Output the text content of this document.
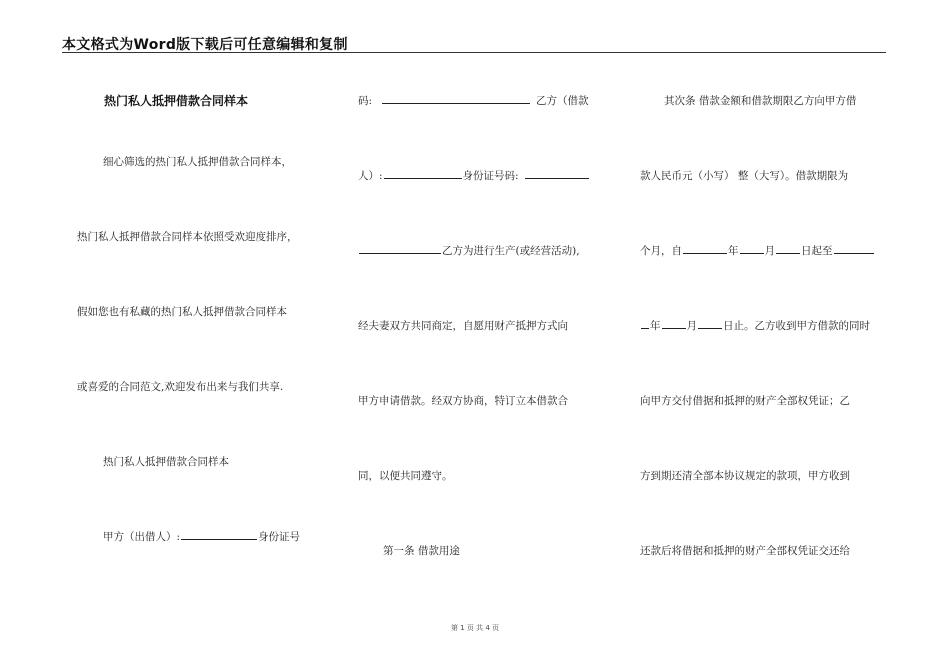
本文格式为Word版下载后可任意编辑和复制
热门私人抵押借款合同样本
细心筛选的热门私人抵押借款合同样本，
热门私人抵押借款合同样本依照受欢迎度排序，
假如您也有私藏的热门私人抵押借款合同样本
或喜爱的合同范文,欢迎发布出来与我们共享.
热门私人抵押借款合同样本
甲方（出借人）:	身份证号
码:	乙方（借款
人）:	身份证号码:
乙方为进行生产(或经营活动),
经夫妻双方共同商定，自愿用财产抵押方式向
甲方申请借款。经双方协商，特订立本借款合
同，以便共同遵守。
第一条 借款用途
其次条 借款金额和借款期限乙方向甲方借
款人民币元（小写） 整（大写）。借款期限为
个月，自	年 月 日起至
年 月 日止。乙方收到甲方借款的同时
向甲方交付借据和抵押的财产全部权凭证；乙
方到期还清全部本协议规定的款项，甲方收到
还款后将借据和抵押的财产全部权凭证交还给
第 1 页 共 4 页
